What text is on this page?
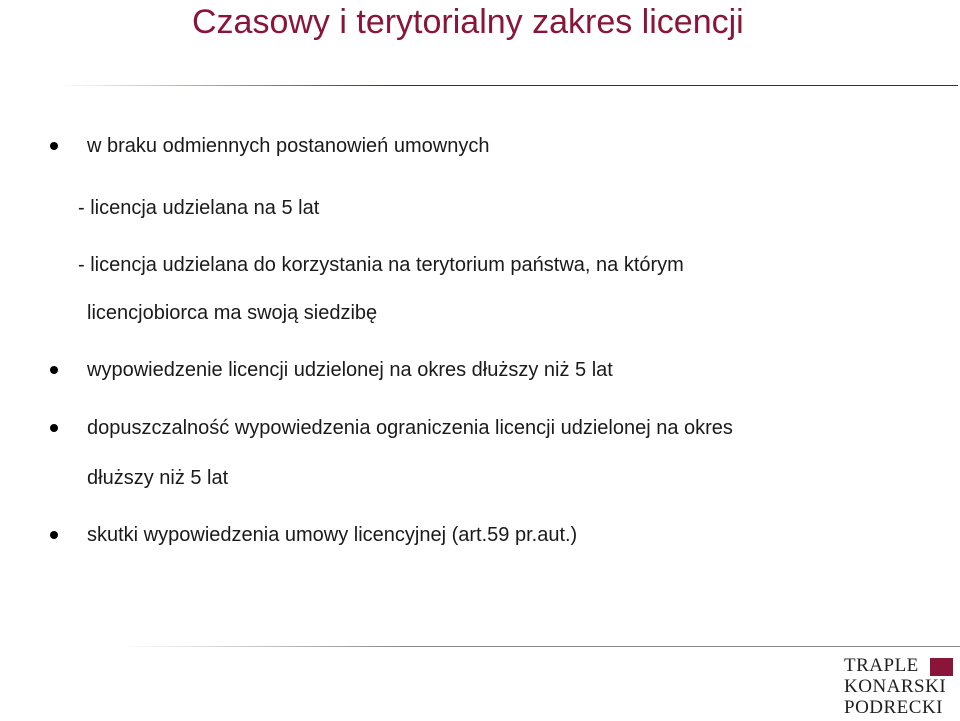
Czasowy i terytorialny zakres licencji
w braku odmiennych postanowień umownych
- licencja udzielana na 5 lat
- licencja udzielana do korzystania na terytorium państwa, na którym
licencjobiorca ma swoją siedzibę
wypowiedzenie licencji udzielonej na okres dłuższy niż 5 lat
dopuszczalność wypowiedzenia ograniczenia licencji udzielonej na okres
dłuższy niż 5 lat
skutki wypowiedzenia umowy licencyjnej (art.59 pr.aut.)
TRAPLE
KONARSKI
PODRECKI
